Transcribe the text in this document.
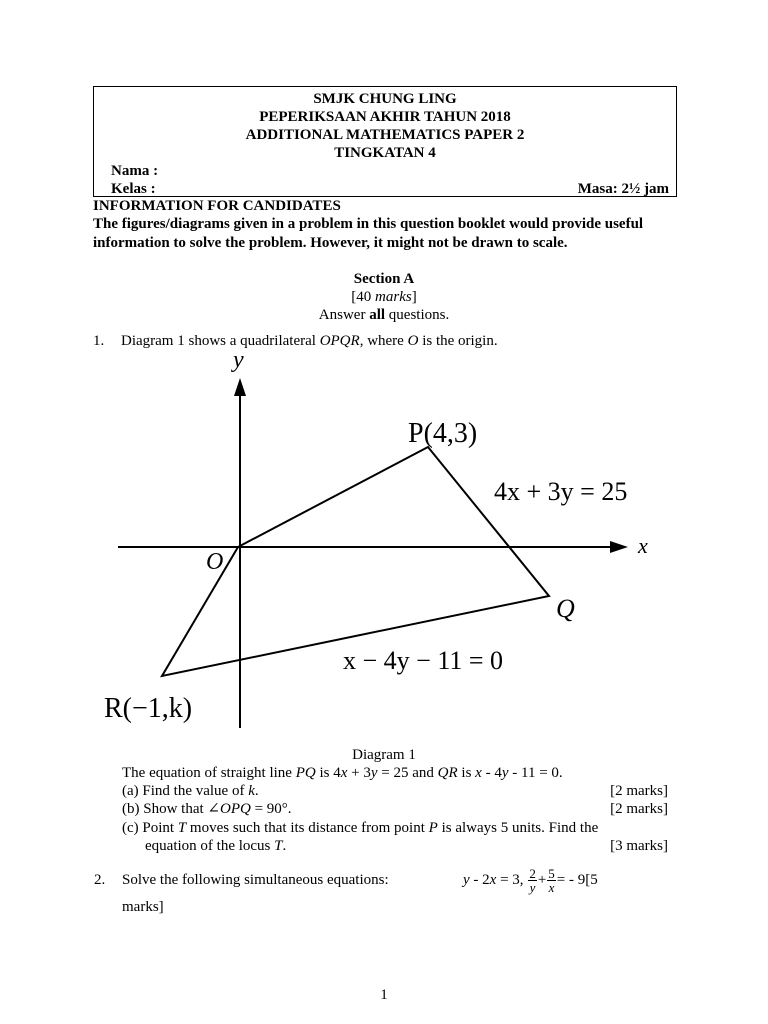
SMJK CHUNG LING
PEPERIKSAAN AKHIR TAHUN 2018
ADDITIONAL MATHEMATICS PAPER 2
TINGKATAN 4
Nama :
Kelas :	Masa: 2½ jam
INFORMATION FOR CANDIDATES
The figures/diagrams given in a problem in this question booklet would provide useful information to solve the problem. However, it might not be drawn to scale.
Section A
[40 marks]
Answer all questions.
1. Diagram 1 shows a quadrilateral OPQR, where O is the origin.
y
x
O
P(4,3)
Q
R(−1,k)
4x + 3y = 25
x − 4y − 11 = 0
Diagram 1
The equation of straight line PQ is 4x + 3y = 25 and QR is x - 4y - 11 = 0.
(a) Find the value of k.	[2 marks]
(b) Show that ∠OPQ = 90°.	[2 marks]
(c) Point T moves such that its distance from point P is always 5 units. Find the
equation of the locus T.	[3 marks]
2. Solve the following simultaneous equations:	y - 2x = 3, $\frac{2}{y} + \frac{5}{x}$ = - 9[5
marks]
1
